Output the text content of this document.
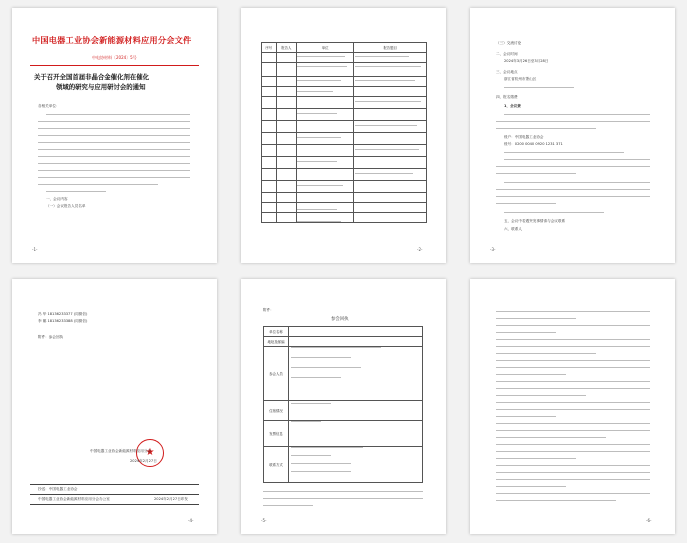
中国电器工业协会新能源材料应用分会文件
中电协材料〔2024〕5号
关于召开全国首届非晶合金催化剂在催化
领域的研究与应用研讨会的通知
各相关单位：
一、会议内容
（一）会议报告人员名单
-1-
序号	报告人	单位	报告题目

-2-
（三）交流讨论
二、会议时间
2024年3月26日至3月28日
三、会议地点
浙江省杭州市萧山区
四、报名缴费
1．会议费
账户：中国电器工业协会
账号：0200 0040 0920 1231 371
五、会议中若遇突发事情请与会议联系
六、联系人
-3-
冯 华 18136233377 (同微信)
李 娜 18136233388 (同微信)
附件：参会回执
★
中国电器工业协会新能源材料应用分会
2024年2月27日
抄送：中国电器工业协会
中国电器工业协会新能源材料应用分会办公室	2024年2月27日印发
-4-
附件：
参会回执
单位名称	
地址及邮编	
参会人员	
住宿情况	
发票信息	
联系方式	
-5-	-6-
